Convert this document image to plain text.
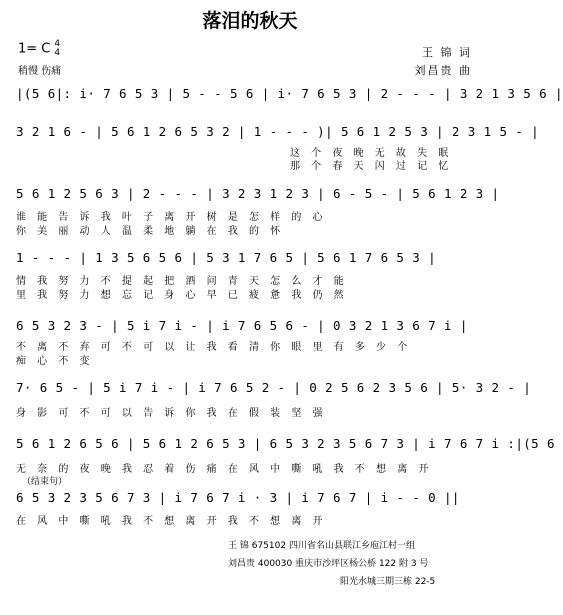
落泪的秋天
1= C 4
4
稍慢 伤痛
王 锦 词
刘昌贵 曲
|(5 6|: i· 7 6 5 3 | 5 - - 5 6 | i· 7 6 5 3 | 2 - - - | 3 2 1 3 5 6 |
3 2 1 6 - | 5 6 1 2 6 5 3 2 | 1 - - - )| 5 6 1 2 5 3 | 2 3 1 5 - |
这 个 夜 晚 无 故 失 眠
那 个 春 天 闪 过 记 忆
5 6 1 2 5 6 3 | 2 - - - | 3 2 3 1 2 3 | 6 - 5 - | 5 6 1 2 3 |
谁 能 告 诉 我 叶 子 离 开 树 是 怎 样 的 心
你 美 丽 动 人 温 柔 地 躺 在 我 的 怀
1 - - - | 1 3 5 6 5 6 | 5 3 1 7 6 5 | 5 6 1 7 6 5 3 |
情 我 努 力 不 提 起 把 酒 问 青 天 怎 么 才 能
里 我 努 力 想 忘 记 身 心 早 已 疲 惫 我 仍 然
6 5 3 2 3 - | 5 i 7 i - | i 7 6 5 6 - | 0 3 2 1 3 6 7 i |
不 离 不 弃 可 不 可 以 让 我 看 清 你 眼 里 有 多 少 个
痴 心 不 变
7· 6 5 - | 5 i 7 i - | i 7 6 5 2 - | 0 2 5 6 2 3 5 6 | 5· 3 2 - |
身 影 可 不 可 以 告 诉 你 我 在 假 装 坚 强
5 6 1 2 6 5 6 | 5 6 1 2 6 5 3 | 6 5 3 2 3 5 6 7 3 | i 7 6 7 i :|(5 6
无 奈 的 夜 晚 我 忍 着 伤 痛 在 风 中 嘶 吼 我 不 想 离 开
（结束句）
6 5 3 2 3 5 6 7 3 | i 7 6 7 i · 3 | i 7 6 7 | i - - 0 ||
在 风 中 嘶 吼 我 不 想 离 开 我 不 想 离 开
王 锦 675102 四川省名山县联江乡庖江村一组
刘昌贵 400030 重庆市沙坪区杨公桥 122 附 3 号
阳光水城三期三栋 22-5
